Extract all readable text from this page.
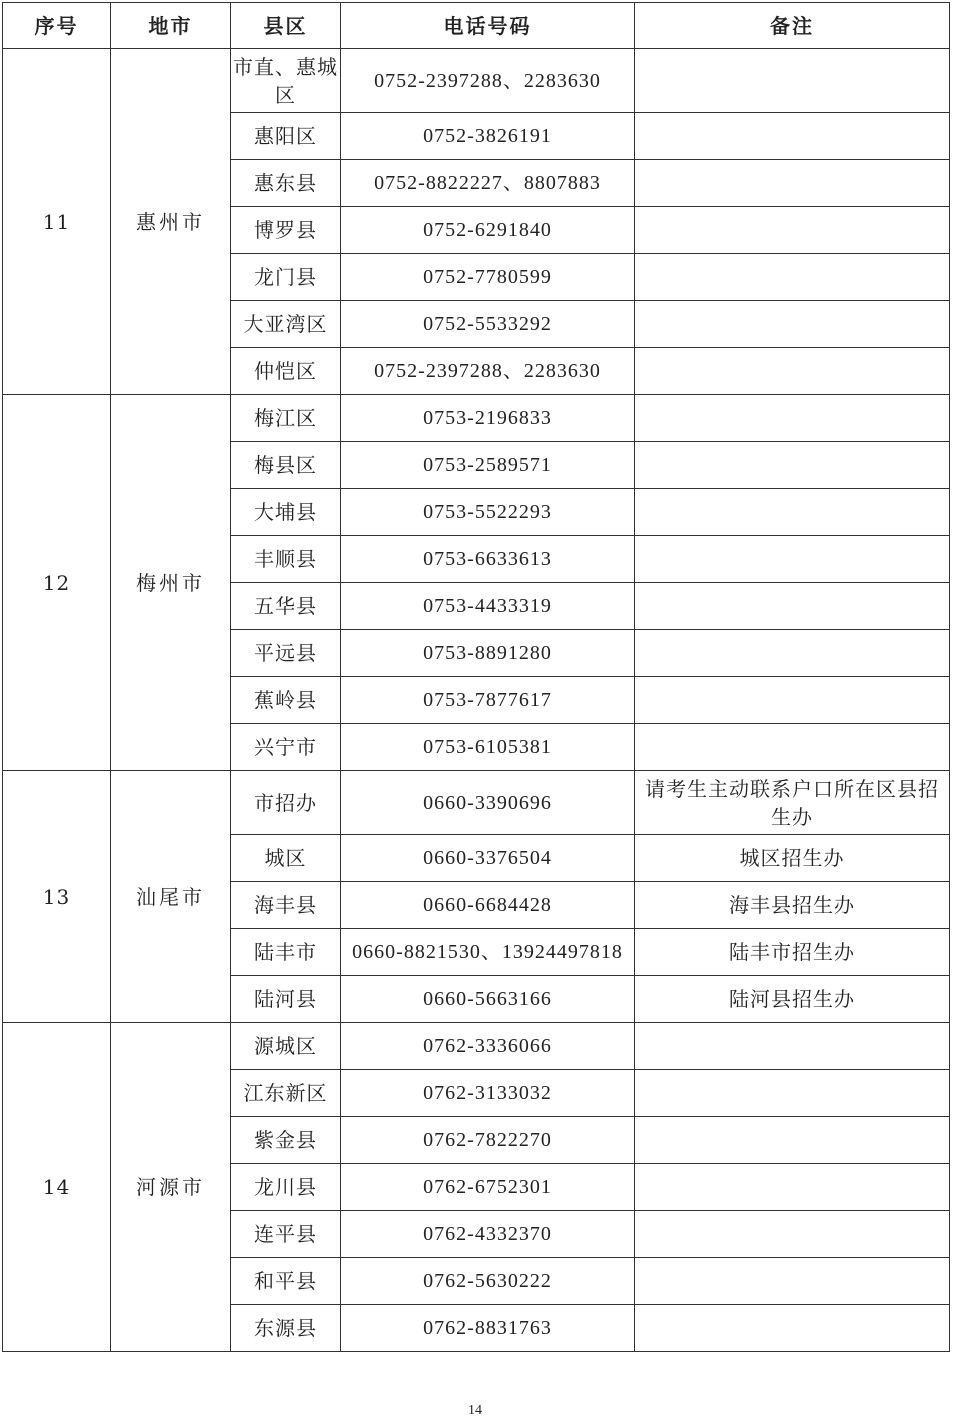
序号	地市	县区	电话号码	备注
11	惠州市	市直、惠城区	0752-2397288、2283630	
		惠阳区	0752-3826191	
		惠东县	0752-8822227、8807883	
		博罗县	0752-6291840	
		龙门县	0752-7780599	
		大亚湾区	0752-5533292	
		仲恺区	0752-2397288、2283630	
12	梅州市	梅江区	0753-2196833	
		梅县区	0753-2589571	
		大埔县	0753-5522293	
		丰顺县	0753-6633613	
		五华县	0753-4433319	
		平远县	0753-8891280	
		蕉岭县	0753-7877617	
		兴宁市	0753-6105381	
13	汕尾市	市招办	0660-3390696	请考生主动联系户口所在区县招生办
		城区	0660-3376504	城区招生办
		海丰县	0660-6684428	海丰县招生办
		陆丰市	0660-8821530、13924497818	陆丰市招生办
		陆河县	0660-5663166	陆河县招生办
14	河源市	源城区	0762-3336066	
		江东新区	0762-3133032	
		紫金县	0762-7822270	
		龙川县	0762-6752301	
		连平县	0762-4332370	
		和平县	0762-5630222	
		东源县	0762-8831763	
14
